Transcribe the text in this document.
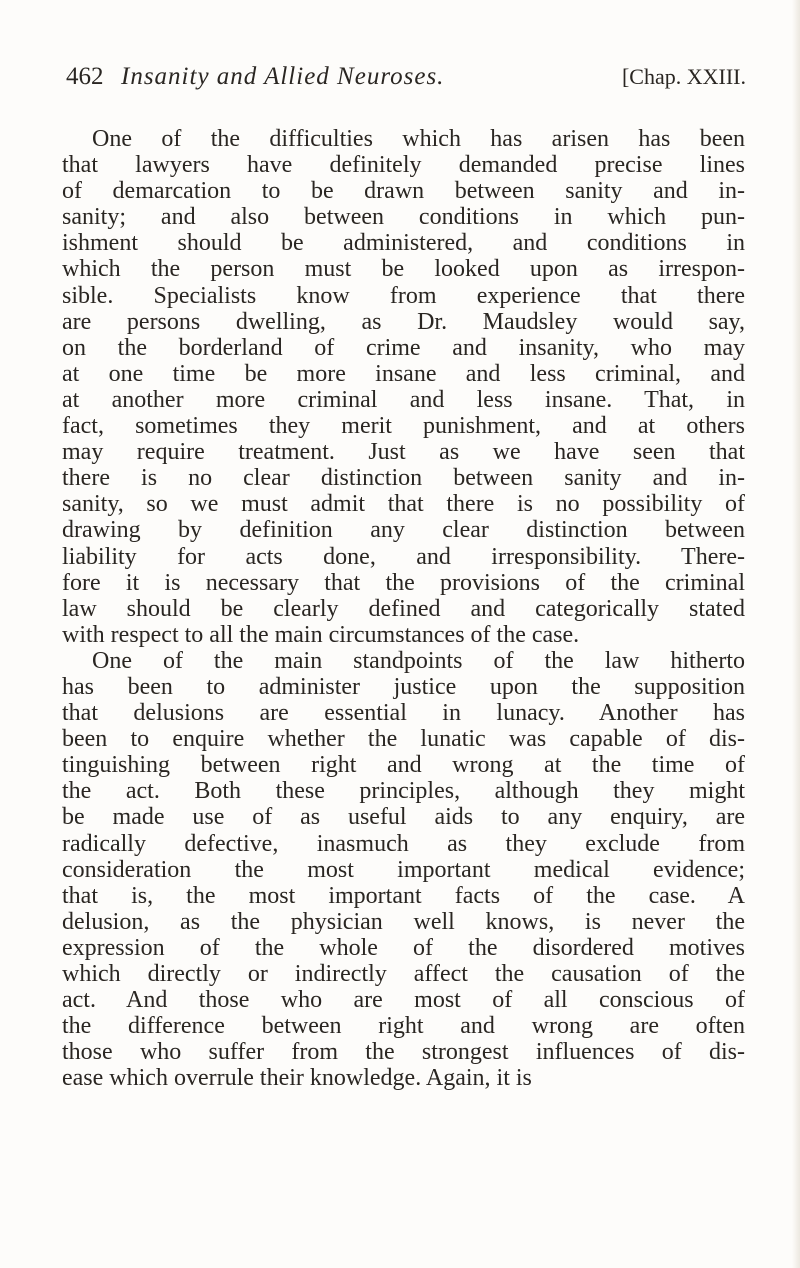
462 Insanity and Allied Neuroses.	[Chap. XXIII.
One of the difficulties which has arisen has been
that lawyers have definitely demanded precise lines
of demarcation to be drawn between sanity and in-
sanity; and also between conditions in which pun-
ishment should be administered, and conditions in
which the person must be looked upon as irrespon-
sible. Specialists know from experience that there
are persons dwelling, as Dr. Maudsley would say,
on the borderland of crime and insanity, who may
at one time be more insane and less criminal, and
at another more criminal and less insane. That, in
fact, sometimes they merit punishment, and at others
may require treatment. Just as we have seen that
there is no clear distinction between sanity and in-
sanity, so we must admit that there is no possibility of
drawing by definition any clear distinction between
liability for acts done, and irresponsibility. There-
fore it is necessary that the provisions of the criminal
law should be clearly defined and categorically stated
with respect to all the main circumstances of the case.
One of the main standpoints of the law hitherto
has been to administer justice upon the supposition
that delusions are essential in lunacy. Another has
been to enquire whether the lunatic was capable of dis-
tinguishing between right and wrong at the time of
the act. Both these principles, although they might
be made use of as useful aids to any enquiry, are
radically defective, inasmuch as they exclude from
consideration the most important medical evidence;
that is, the most important facts of the case. A
delusion, as the physician well knows, is never the
expression of the whole of the disordered motives
which directly or indirectly affect the causation of the
act. And those who are most of all conscious of
the difference between right and wrong are often
those who suffer from the strongest influences of dis-
ease which overrule their knowledge. Again, it is
